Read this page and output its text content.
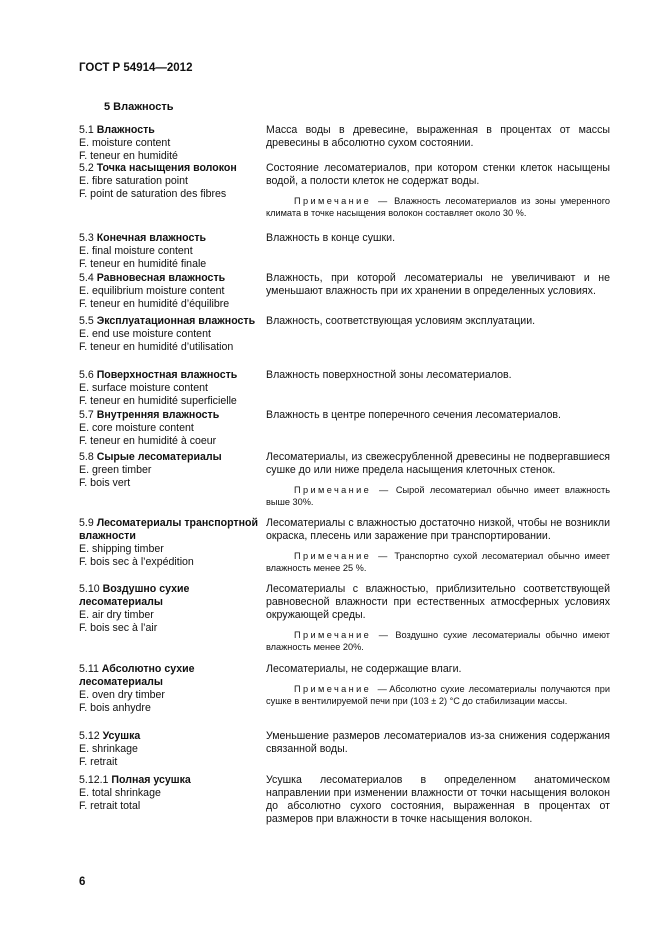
ГОСТ Р 54914—2012
5 Влажность
5.1 Влажность
E. moisture content
F. teneur en humidité
Масса воды в древесине, выраженная в процентах от массы древесины в абсолютно сухом состоянии.
5.2 Точка насыщения волокон
E. fibre saturation point
F. point de saturation des fibres
Состояние лесоматериалов, при котором стенки клеток насыщены водой, а полости клеток не содержат воды.
Примечание — Влажность лесоматериалов из зоны умеренного климата в точке насыщения волокон составляет около 30 %.
5.3 Конечная влажность
E. final moisture content
F. teneur en humidité finale
Влажность в конце сушки.
5.4 Равновесная влажность
E. equilibrium moisture content
F. teneur en humidité d’équilibre
Влажность, при которой лесоматериалы не увеличивают и не уменьшают влажность при их хранении в определенных условиях.
5.5 Эксплуатационная влажность
E. end use moisture content
F. teneur en humidité d’utilisation
Влажность, соответствующая условиям эксплуатации.
5.6 Поверхностная влажность
E. surface moisture content
F. teneur en humidité superficielle
Влажность поверхностной зоны лесоматериалов.
5.7 Внутренняя влажность
E. core moisture content
F. teneur en humidité à coeur
Влажность в центре поперечного сечения лесоматериалов.
5.8 Сырые лесоматериалы
E. green timber
F. bois vert
Лесоматериалы, из свежесрубленной древесины не подвергавшиеся сушке до или ниже предела насыщения клеточных стенок.
Примечание — Сырой лесоматериал обычно имеет влажность выше 30%.
5.9 Лесоматериалы транспортной влажности
E. shipping timber
F. bois sec à l’expédition
Лесоматериалы с влажностью достаточно низкой, чтобы не возникли окраска, плесень или заражение при транспортировании.
Примечание — Транспортно сухой лесоматериал обычно имеет влажность менее 25 %.
5.10 Воздушно сухие лесоматериалы
E. air dry timber
F. bois sec à l’air
Лесоматериалы с влажностью, приблизительно соответствующей равновесной влажности при естественных атмосферных условиях окружающей среды.
Примечание — Воздушно сухие лесоматериалы обычно имеют влажность менее 20%.
5.11 Абсолютно сухие лесоматериалы
E. oven dry timber
F. bois anhydre
Лесоматериалы, не содержащие влаги.
Примечание —Абсолютно сухие лесоматериалы получаются при сушке в вентилируемой печи при (103 ± 2) °С до стабилизации массы.
5.12 Усушка
E. shrinkage
F. retrait
Уменьшение размеров лесоматериалов из-за снижения содержания связанной воды.
5.12.1 Полная усушка
E. total shrinkage
F. retrait total
Усушка лесоматериалов в определенном анатомическом направлении при изменении влажности от точки насыщения волокон до абсолютно сухого состояния, выраженная в процентах от размеров при влажности в точке насыщения волокон.
6
